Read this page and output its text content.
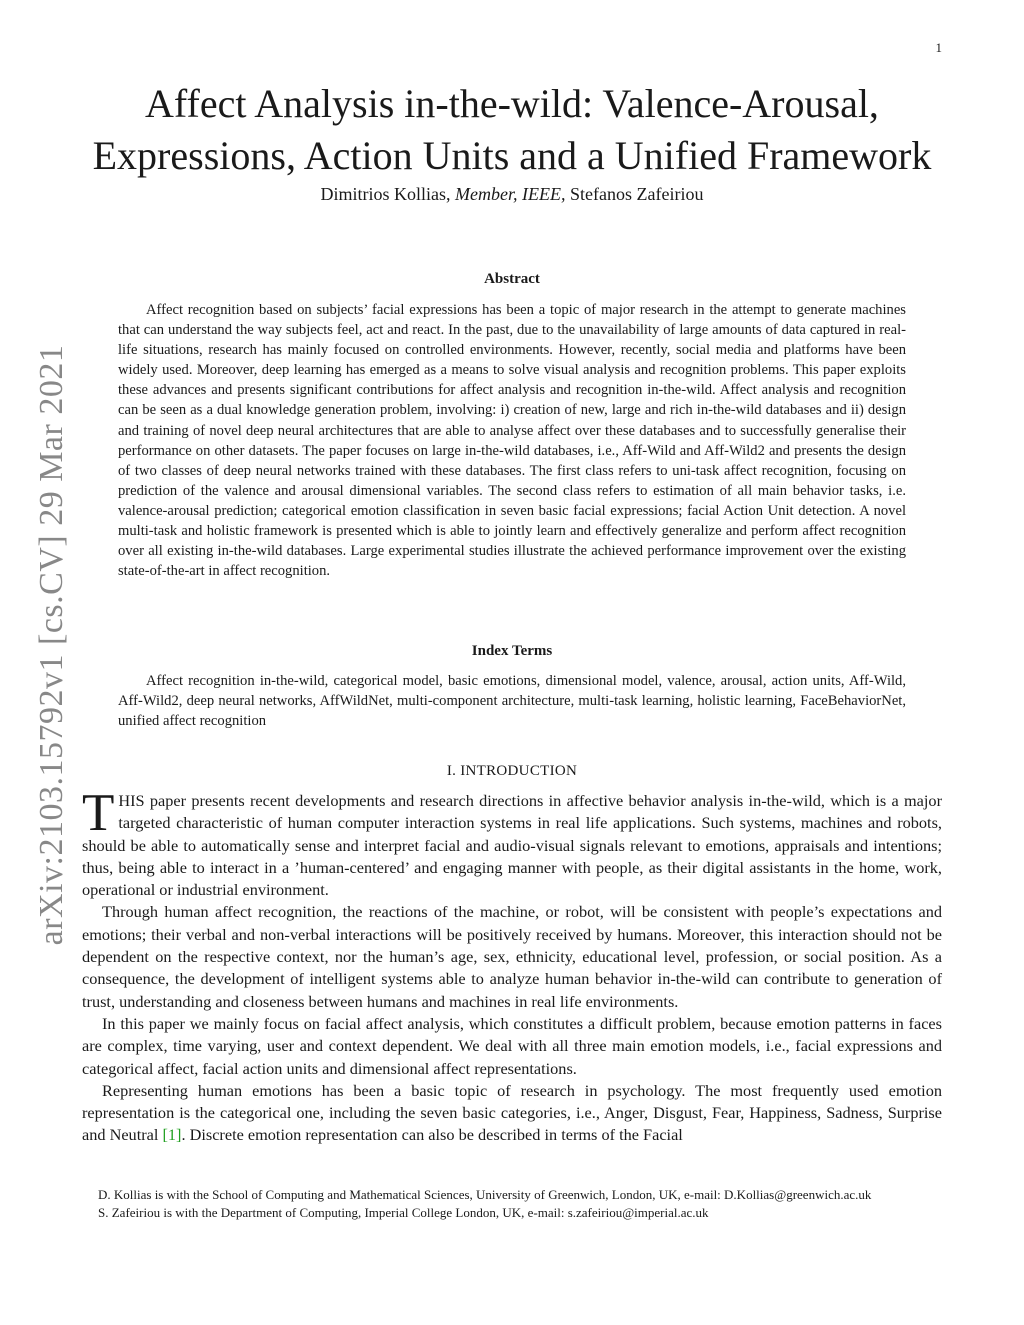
1
arXiv:2103.15792v1 [cs.CV] 29 Mar 2021
Affect Analysis in-the-wild: Valence-Arousal,
Expressions, Action Units and a Unified Framework
Dimitrios Kollias, Member, IEEE, Stefanos Zafeiriou
Abstract

Affect recognition based on subjects’ facial expressions has been a topic of major research in the attempt to generate machines that can understand the way subjects feel, act and react. In the past, due to the unavailability of large amounts of data captured in real-life situations, research has mainly focused on controlled environments. However, recently, social media and platforms have been widely used. Moreover, deep learning has emerged as a means to solve visual analysis and recognition problems. This paper exploits these advances and presents significant contributions for affect analysis and recognition in-the-wild. Affect analysis and recognition can be seen as a dual knowledge generation problem, involving: i) creation of new, large and rich in-the-wild databases and ii) design and training of novel deep neural architectures that are able to analyse affect over these databases and to successfully generalise their performance on other datasets. The paper focuses on large in-the-wild databases, i.e., Aff-Wild and Aff-Wild2 and presents the design of two classes of deep neural networks trained with these databases. The first class refers to uni-task affect recognition, focusing on prediction of the valence and arousal dimensional variables. The second class refers to estimation of all main behavior tasks, i.e. valence-arousal prediction; categorical emotion classification in seven basic facial expressions; facial Action Unit detection. A novel multi-task and holistic framework is presented which is able to jointly learn and effectively generalize and perform affect recognition over all existing in-the-wild databases. Large experimental studies illustrate the achieved performance improvement over the existing state-of-the-art in affect recognition.

Index Terms

Affect recognition in-the-wild, categorical model, basic emotions, dimensional model, valence, arousal, action units, Aff-Wild, Aff-Wild2, deep neural networks, AffWildNet, multi-component architecture, multi-task learning, holistic learning, FaceBehaviorNet, unified affect recognition

I. INTRODUCTION

THIS paper presents recent developments and research directions in affective behavior analysis in-the-wild, which is a major targeted characteristic of human computer interaction systems in real life applications. Such systems, machines and robots, should be able to automatically sense and interpret facial and audio-visual signals relevant to emotions, appraisals and intentions; thus, being able to interact in a ’human-centered’ and engaging manner with people, as their digital assistants in the home, work, operational or industrial environment.

Through human affect recognition, the reactions of the machine, or robot, will be consistent with people’s expectations and emotions; their verbal and non-verbal interactions will be positively received by humans. Moreover, this interaction should not be dependent on the respective context, nor the human’s age, sex, ethnicity, educational level, profession, or social position. As a consequence, the development of intelligent systems able to analyze human behavior in-the-wild can contribute to generation of trust, understanding and closeness between humans and machines in real life environments.

In this paper we mainly focus on facial affect analysis, which constitutes a difficult problem, because emotion patterns in faces are complex, time varying, user and context dependent. We deal with all three main emotion models, i.e., facial expressions and categorical affect, facial action units and dimensional affect representations.

Representing human emotions has been a basic topic of research in psychology. The most frequently used emotion representation is the categorical one, including the seven basic categories, i.e., Anger, Disgust, Fear, Happiness, Sadness, Surprise and Neutral [1]. Discrete emotion representation can also be described in terms of the Facial

D. Kollias is with the School of Computing and Mathematical Sciences, University of Greenwich, London, UK, e-mail: D.Kollias@greenwich.ac.uk

S. Zafeiriou is with the Department of Computing, Imperial College London, UK, e-mail: s.zafeiriou@imperial.ac.uk
